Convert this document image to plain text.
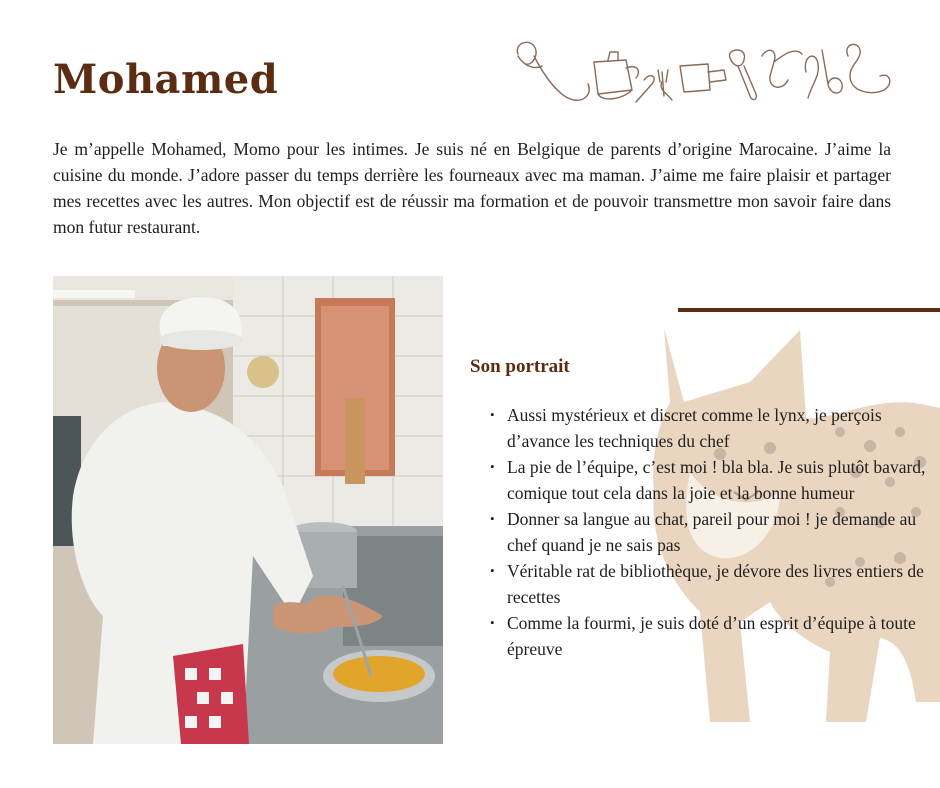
Mohamed

Je m’appelle Mohamed, Momo pour les intimes. Je suis né en Belgique de parents d’origine Marocaine. J’aime la cuisine du monde. J’adore passer du temps derrière les fourneaux avec ma maman. J’aime me faire plaisir et partager mes recettes avec les autres. Mon objectif est de réussir ma formation et de pouvoir transmettre mon savoir faire dans mon futur restaurant.

Son portrait
• Aussi mystérieux et discret comme le lynx, je perçois d’avance les techniques du chef
• La pie de l’équipe, c’est moi ! bla bla. Je suis plutôt bavard, comique tout cela dans la joie et la bonne humeur
• Donner sa langue au chat, pareil pour moi ! je demande au chef quand je ne sais pas
• Véritable rat de bibliothèque, je dévore des livres entiers de recettes
• Comme la fourmi, je suis doté d’un esprit d’équipe à toute épreuve
